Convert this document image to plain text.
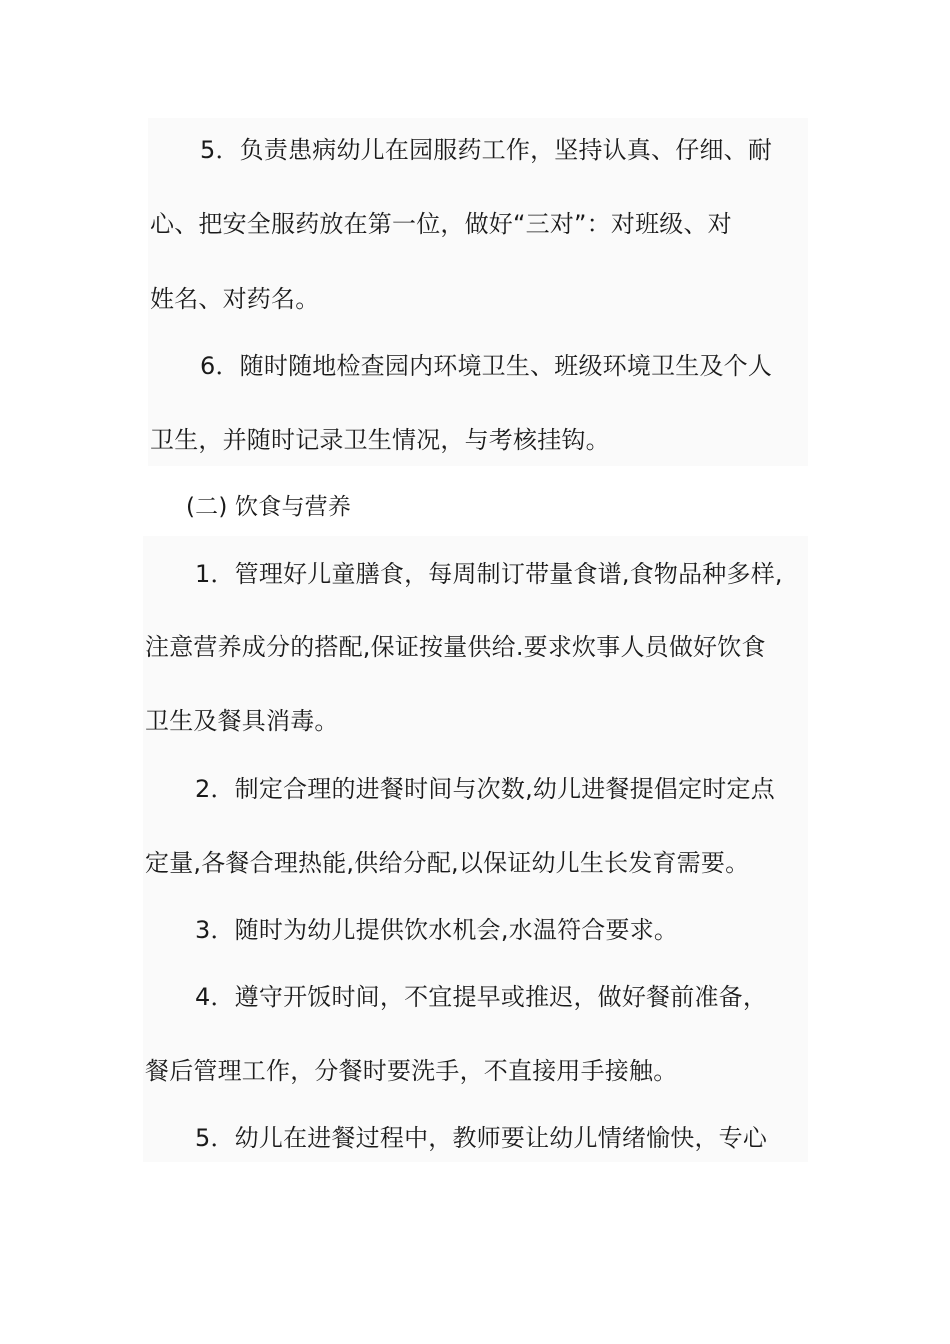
5．负责患病幼儿在园服药工作，坚持认真、仔细、耐
心、把安全服药放在第一位，做好“三对”：对班级、对
姓名、对药名。
6．随时随地检查园内环境卫生、班级环境卫生及个人
卫生，并随时记录卫生情况，与考核挂钩。
(二) 饮食与营养
1．管理好儿童膳食，每周制订带量食谱,食物品种多样,
注意营养成分的搭配,保证按量供给.要求炊事人员做好饮食
卫生及餐具消毒。
2．制定合理的进餐时间与次数,幼儿进餐提倡定时定点
定量,各餐合理热能,供给分配,以保证幼儿生长发育需要。
3．随时为幼儿提供饮水机会,水温符合要求。
4．遵守开饭时间，不宜提早或推迟，做好餐前准备，
餐后管理工作，分餐时要洗手，不直接用手接触。
5．幼儿在进餐过程中，教师要让幼儿情绪愉快，专心
